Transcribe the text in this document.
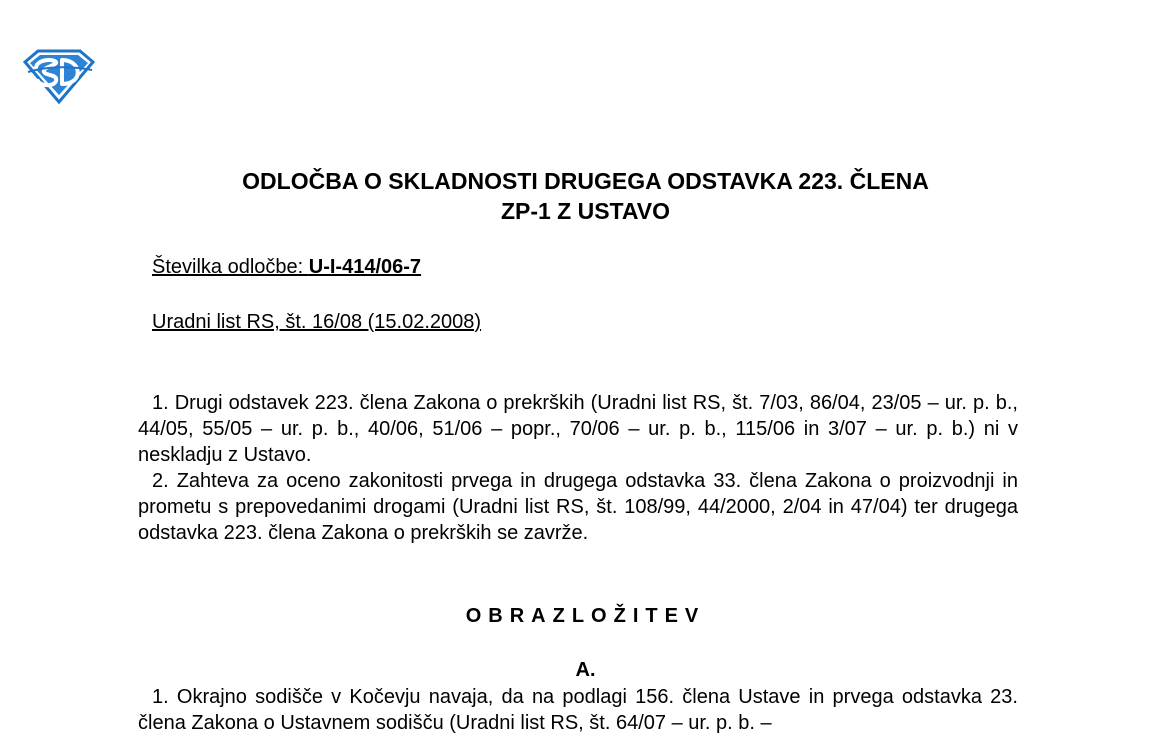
ODLOČBA O SKLADNOSTI DRUGEGA ODSTAVKA 223. ČLENA
ZP-1 Z USTAVO
Številka odločbe: U-I-414/06-7
Uradni list RS, št. 16/08 (15.02.2008)

1. Drugi odstavek 223. člena Zakona o prekrških (Uradni list RS, št. 7/03, 86/04, 23/05 – ur. p. b., 44/05, 55/05 – ur. p. b., 40/06, 51/06 – popr., 70/06 – ur. p. b., 115/06 in 3/07 – ur. p. b.) ni v neskladju z Ustavo.

2. Zahteva za oceno zakonitosti prvega in drugega odstavka 33. člena Zakona o proizvodnji in prometu s prepovedanimi drogami (Uradni list RS, št. 108/99, 44/2000, 2/04 in 47/04) ter drugega odstavka 223. člena Zakona o prekrških se zavrže.

OBRAZLOŽITEV

A.

1. Okrajno sodišče v Kočevju navaja, da na podlagi 156. člena Ustave in prvega odstavka 23. člena Zakona o Ustavnem sodišču (Uradni list RS, št. 64/07 – ur. p. b. –
